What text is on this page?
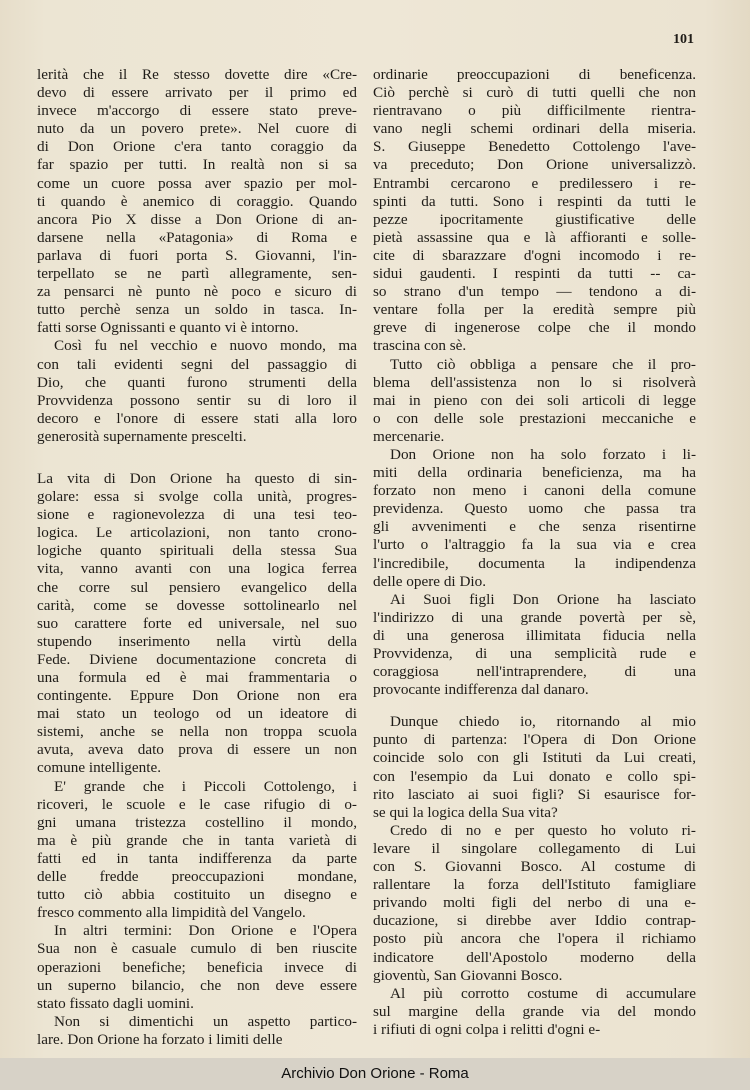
101
lerità che il Re stesso dovette dire «Cre-
devo di essere arrivato per il primo ed
invece m'accorgo di essere stato preve-
nuto da un povero prete». Nel cuore di
di Don Orione c'era tanto coraggio da
far spazio per tutti. In realtà non si sa
come un cuore possa aver spazio per mol-
ti quando è anemico di coraggio. Quando
ancora Pio X disse a Don Orione di an-
darsene nella «Patagonia» di Roma e
parlava di fuori porta S. Giovanni, l'in-
terpellato se ne partì allegramente, sen-
za pensarci nè punto nè poco e sicuro di
tutto perchè senza un soldo in tasca. In-
fatti sorse Ognissanti e quanto vi è intorno.
Così fu nel vecchio e nuovo mondo, ma
con tali evidenti segni del passaggio di
Dio, che quanti furono strumenti della
Provvidenza possono sentir su di loro il
decoro e l'onore di essere stati alla loro
generosità supernamente prescelti.
La vita di Don Orione ha questo di sin-
golare: essa si svolge colla unità, progres-
sione e ragionevolezza di una tesi teo-
logica. Le articolazioni, non tanto crono-
logiche quanto spirituali della stessa Sua
vita, vanno avanti con una logica ferrea
che corre sul pensiero evangelico della
carità, come se dovesse sottolinearlo nel
suo carattere forte ed universale, nel suo
stupendo inserimento nella virtù della
Fede. Diviene documentazione concreta di
una formula ed è mai frammentaria o
contingente. Eppure Don Orione non era
mai stato un teologo od un ideatore di
sistemi, anche se nella non troppa scuola
avuta, aveva dato prova di essere un non
comune intelligente.
E' grande che i Piccoli Cottolengo, i
ricoveri, le scuole e le case rifugio di o-
gni umana tristezza costellino il mondo,
ma è più grande che in tanta varietà di
fatti ed in tanta indifferenza da parte
delle fredde preoccupazioni mondane,
tutto ciò abbia costituito un disegno e
fresco commento alla limpidità del Vangelo.
In altri termini: Don Orione e l'Opera
Sua non è casuale cumulo di ben riuscite
operazioni benefiche; beneficia invece di
un superno bilancio, che non deve essere
stato fissato dagli uomini.
Non si dimentichi un aspetto partico-
lare. Don Orione ha forzato i limiti delle
ordinarie preoccupazioni di beneficenza.
Ciò perchè si curò di tutti quelli che non
rientravano o più difficilmente rientra-
vano negli schemi ordinari della miseria.
S. Giuseppe Benedetto Cottolengo l'ave-
va preceduto; Don Orione universalizzò.
Entrambi cercarono e predilessero i re-
spinti da tutti. Sono i respinti da tutti le
pezze ipocritamente giustificative delle
pietà assassine qua e là affioranti e solle-
cite di sbarazzare d'ogni incomodo i re-
sidui gaudenti. I respinti da tutti -- ca-
so strano d'un tempo — tendono a di-
ventare folla per la eredità sempre più
greve di ingenerose colpe che il mondo
trascina con sè.
Tutto ciò obbliga a pensare che il pro-
blema dell'assistenza non lo si risolverà
mai in pieno con dei soli articoli di legge
o con delle sole prestazioni meccaniche e
mercenarie.
Don Orione non ha solo forzato i li-
miti della ordinaria beneficienza, ma ha
forzato non meno i canoni della comune
previdenza. Questo uomo che passa tra
gli avvenimenti e che senza risentirne
l'urto o l'altraggio fa la sua via e crea
l'incredibile, documenta la indipendenza
delle opere di Dio.
Ai Suoi figli Don Orione ha lasciato
l'indirizzo di una grande povertà per sè,
di una generosa illimitata fiducia nella
Provvidenza, di una semplicità rude e
coraggiosa nell'intraprendere, di una
provocante indifferenza dal danaro.
Dunque chiedo io, ritornando al mio
punto di partenza: l'Opera di Don Orione
coincide solo con gli Istituti da Lui creati,
con l'esempio da Lui donato e collo spi-
rito lasciato ai suoi figli? Si esaurisce for-
se qui la logica della Sua vita?
Credo di no e per questo ho voluto ri-
levare il singolare collegamento di Lui
con S. Giovanni Bosco. Al costume di
rallentare la forza dell'Istituto famigliare
privando molti figli del nerbo di una e-
ducazione, si direbbe aver Iddio contrap-
posto più ancora che l'opera il richiamo
indicatore dell'Apostolo moderno della
gioventù, San Giovanni Bosco.
Al più corrotto costume di accumulare
sul margine della grande via del mondo
i rifiuti di ogni colpa i relitti d'ogni e-
Archivio Don Orione - Roma
